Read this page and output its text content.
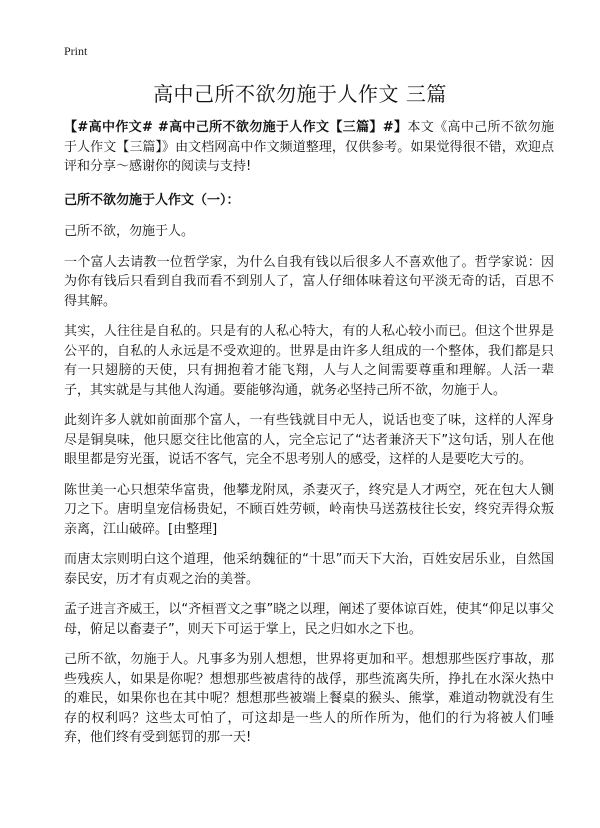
Print
高中己所不欲勿施于人作文 三篇

【#高中作文# #高中己所不欲勿施于人作文【三篇】#】本文《高中己所不欲勿施于人作文【三篇】》由文档网高中作文频道整理，仅供参考。如果觉得很不错，欢迎点评和分享～感谢你的阅读与支持!

己所不欲勿施于人作文（一）：

己所不欲，勿施于人。

一个富人去请教一位哲学家，为什么自我有钱以后很多人不喜欢他了。哲学家说：因为你有钱后只看到自我而看不到别人了，富人仔细体味着这句平淡无奇的话，百思不得其解。

其实，人往往是自私的。只是有的人私心特大，有的人私心较小而已。但这个世界是公平的，自私的人永远是不受欢迎的。世界是由许多人组成的一个整体，我们都是只有一只翅膀的天使，只有拥抱着才能飞翔，人与人之间需要尊重和理解。人活一辈子，其实就是与其他人沟通。要能够沟通，就务必坚持己所不欲，勿施于人。

此刻许多人就如前面那个富人，一有些钱就目中无人，说话也变了味，这样的人浑身尽是铜臭味，他只愿交往比他富的人，完全忘记了“达者兼济天下”这句话，别人在他眼里都是穷光蛋，说话不客气，完全不思考别人的感受，这样的人是要吃大亏的。

陈世美一心只想荣华富贵，他攀龙附凤，杀妻灭子，终究是人才两空，死在包大人铡刀之下。唐明皇宠信杨贵妃，不顾百姓劳顿，岭南快马送荔枝往长安，终究弄得众叛亲离，江山破碎。[由整理]

而唐太宗则明白这个道理，他采纳魏征的“十思”而天下大治，百姓安居乐业，自然国泰民安，历才有贞观之治的美誉。

孟子进言齐威王，以“齐桓晋文之事”晓之以理，阐述了要体谅百姓，使其“仰足以事父母，俯足以畜妻子”，则天下可运于掌上，民之归如水之下也。

己所不欲，勿施于人。凡事多为别人想想，世界将更加和平。想想那些医疗事故，那些残疾人，如果是你呢？想想那些被虐待的战俘，那些流离失所，挣扎在水深火热中的难民，如果你也在其中呢？想想那些被端上餐桌的猴头、熊掌，难道动物就没有生存的权利吗？这些太可怕了，可这却是一些人的所作所为，他们的行为将被人们唾弃，他们终有受到惩罚的那一天!
